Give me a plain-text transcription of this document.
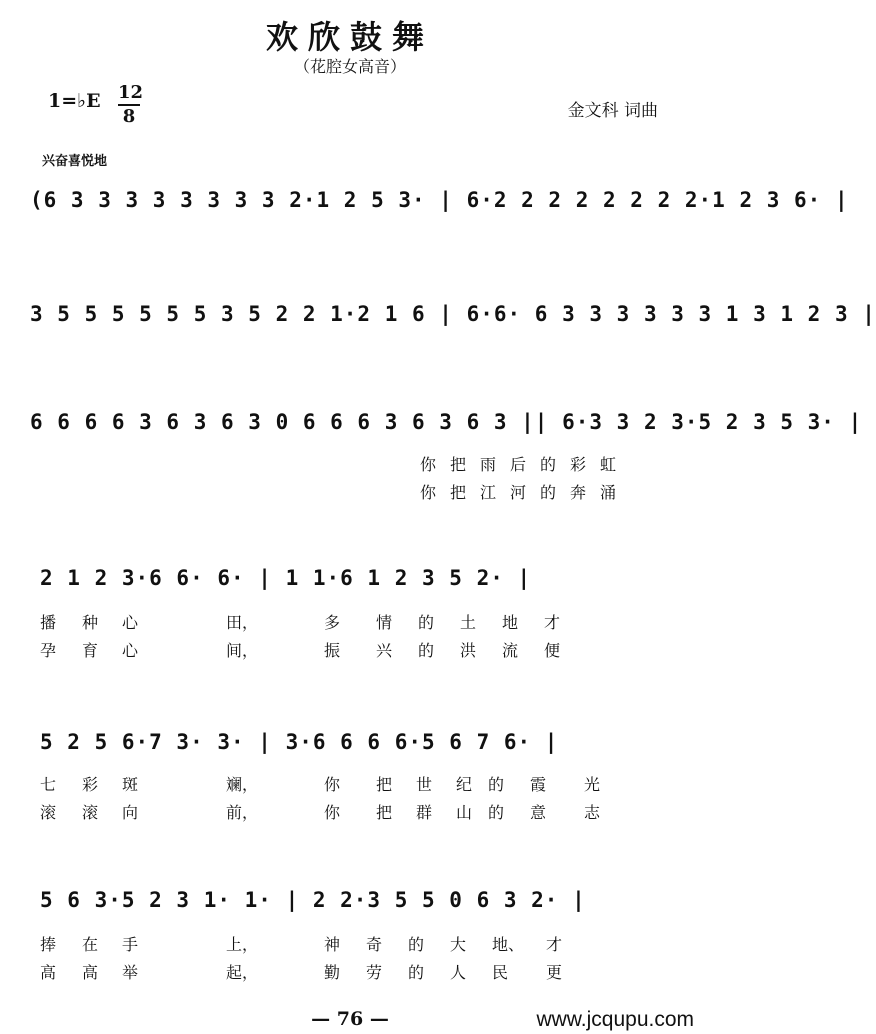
欢欣鼓舞
（花腔女高音）
1=♭E $\frac{12}{8}$	金文科 词曲
兴奋喜悦地
(6 3 3 3 3 3 3 3 3 2·1 2 5 3· | 6·2 2 2 2 2 2 2 2·1 2 3 6· |
3 5 5 5 5 5 5 3 5 2 2 1·2 1 6 | 6·6· 6 3 3 3 3 3 3 1 3 1 2 3 |
6 6 6 6 3 6 3 6 3 0 6 6 6 3 6 3 6 3 || 6·3 3 2 3·5 2 3 5 3· |
你把雨后的彩虹
你把江河的奔涌
2 1 2 3·6 6· 6· | 1 1·6 1 2 3 5 2· |
播 种 心	田，	多 情 的 土 地 才
孕 育 心	间，	振 兴 的 洪 流 便
5 2 5 6·7 3· 3· | 3·6 6 6 6·5 6 7 6· |
七 彩 斑	斓，	你 把 世 纪 的 霞 光
滚 滚 向	前，	你 把 群 山 的 意 志
5 6 3·5 2 3 1· 1· | 2 2·3 5 5 0 6 3 2· |
捧 在 手	上，	神 奇 的 大 地、 才
高 高 举	起，	勤 劳 的 人 民 更
— 76 —	www.jcqupu.com
